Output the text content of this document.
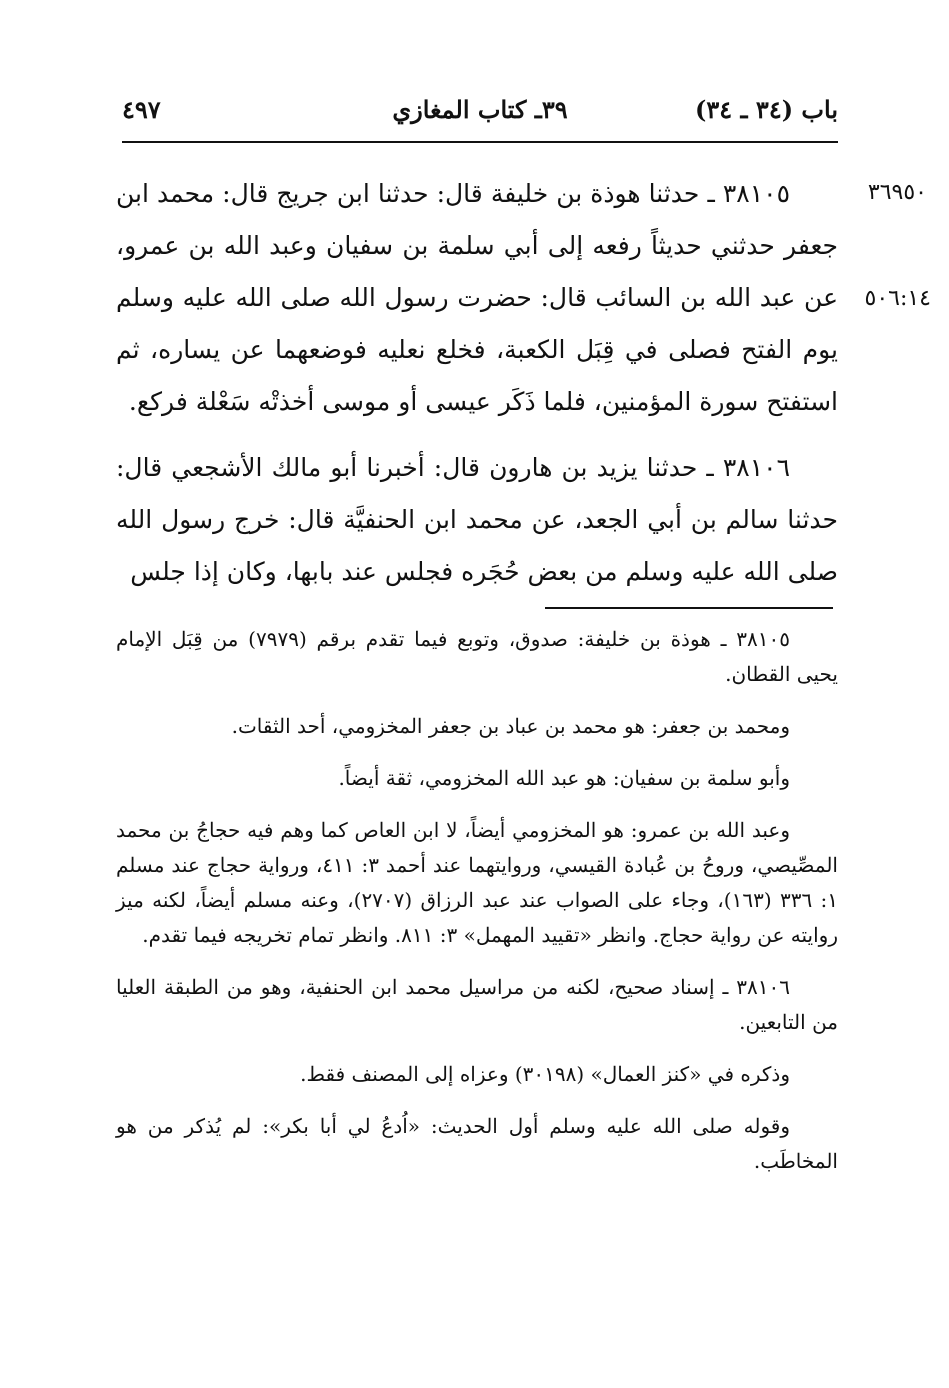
باب (٣٤ ـ ٣٤)
٣٩ـ كتاب المغازي
٤٩٧
٣٦٩٥٠
٥٠٦:١٤

٣٨١٠٥ ـ حدثنا هوذة بن خليفة قال: حدثنا ابن جريج قال: محمد ابن جعفر حدثني حديثاً رفعه إلى أبي سلمة بن سفيان وعبد الله بن عمرو، عن عبد الله بن السائب قال: حضرت رسول الله صلى الله عليه وسلم يوم الفتح فصلى في قِبَل الكعبة، فخلع نعليه فوضعهما عن يساره، ثم استفتح سورة المؤمنين، فلما ذَكَر عيسى أو موسى أخذتْه سَعْلة فركع.

٣٨١٠٦ ـ حدثنا يزيد بن هارون قال: أخبرنا أبو مالك الأشجعي قال: حدثنا سالم بن أبي الجعد، عن محمد ابن الحنفيَّة قال: خرج رسول الله صلى الله عليه وسلم من بعض حُجَره فجلس عند بابها، وكان إذا جلس

٣٨١٠٥ ـ هوذة بن خليفة: صدوق، وتوبع فيما تقدم برقم (٧٩٧٩) من قِبَل الإمام يحيى القطان.

ومحمد بن جعفر: هو محمد بن عباد بن جعفر المخزومي، أحد الثقات.

وأبو سلمة بن سفيان: هو عبد الله المخزومي، ثقة أيضاً.

وعبد الله بن عمرو: هو المخزومي أيضاً، لا ابن العاص كما وهم فيه حجاجُ بن محمد المصِّيصي، وروحُ بن عُبادة القيسي، وروايتهما عند أحمد ٣: ٤١١، ورواية حجاج عند مسلم ١: ٣٣٦ (١٦٣)، وجاء على الصواب عند عبد الرزاق (٢٧٠٧)، وعنه مسلم أيضاً، لكنه ميز روايته عن رواية حجاج. وانظر «تقييد المهمل» ٣: ٨١١. وانظر تمام تخريجه فيما تقدم.

٣٨١٠٦ ـ إسناد صحيح، لكنه من مراسيل محمد ابن الحنفية، وهو من الطبقة العليا من التابعين.

وذكره في «كنز العمال» (٣٠١٩٨) وعزاه إلى المصنف فقط.

وقوله صلى الله عليه وسلم أول الحديث: «اُدعُ لي أبا بكر»: لم يُذكر من هو المخاطَب.
